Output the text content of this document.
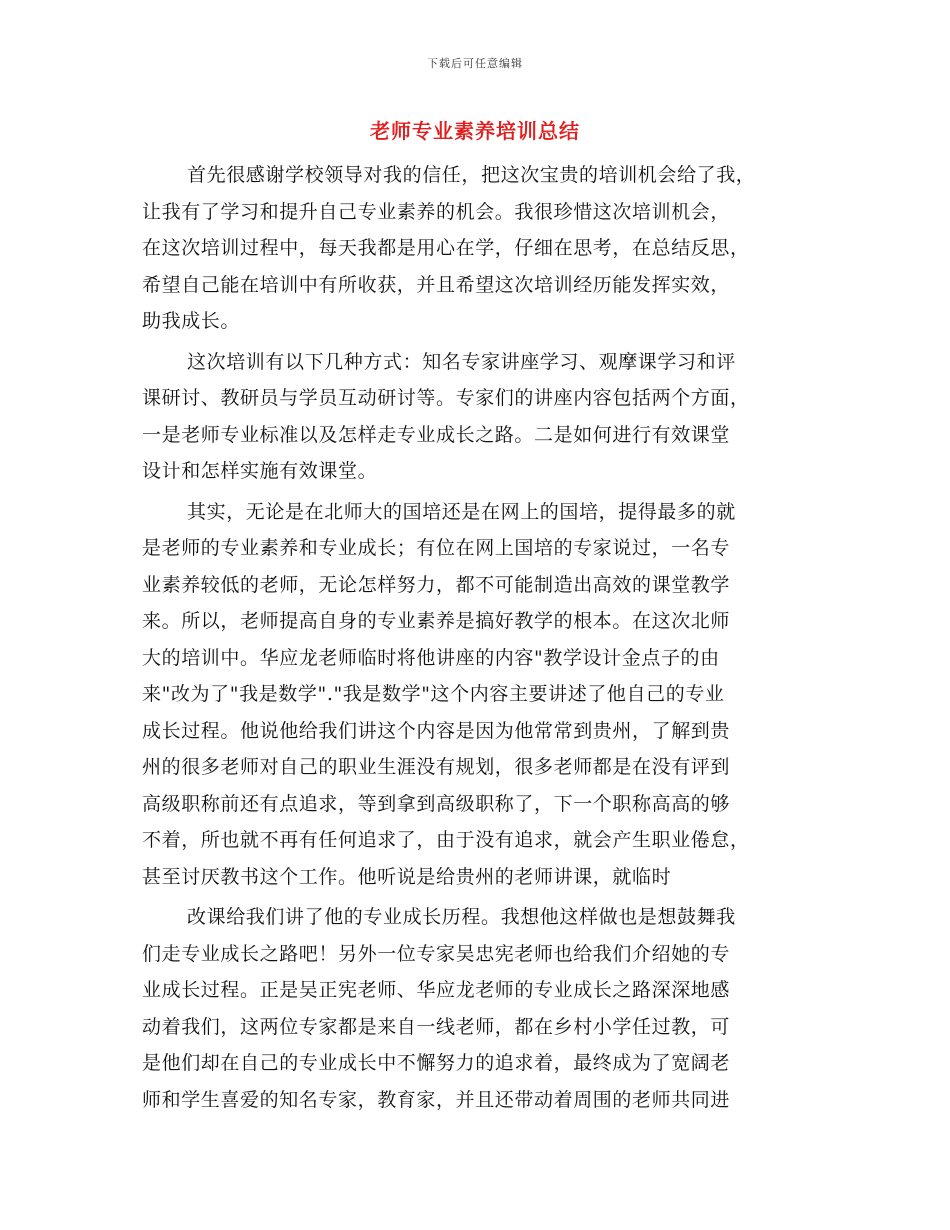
下载后可任意编辑
老师专业素养培训总结
首先很感谢学校领导对我的信任，把这次宝贵的培训机会给了我，
让我有了学习和提升自己专业素养的机会。我很珍惜这次培训机会，
在这次培训过程中，每天我都是用心在学，仔细在思考，在总结反思，
希望自己能在培训中有所收获，并且希望这次培训经历能发挥实效，
助我成长。
这次培训有以下几种方式：知名专家讲座学习、观摩课学习和评
课研讨、教研员与学员互动研讨等。专家们的讲座内容包括两个方面，
一是老师专业标准以及怎样走专业成长之路。二是如何进行有效课堂
设计和怎样实施有效课堂。
其实，无论是在北师大的国培还是在网上的国培，提得最多的就
是老师的专业素养和专业成长；有位在网上国培的专家说过，一名专
业素养较低的老师，无论怎样努力，都不可能制造出高效的课堂教学
来。所以，老师提高自身的专业素养是搞好教学的根本。在这次北师
大的培训中。华应龙老师临时将他讲座的内容"教学设计金点子的由
来"改为了"我是数学"."我是数学"这个内容主要讲述了他自己的专业
成长过程。他说他给我们讲这个内容是因为他常常到贵州，了解到贵
州的很多老师对自己的职业生涯没有规划，很多老师都是在没有评到
高级职称前还有点追求，等到拿到高级职称了，下一个职称高高的够
不着，所也就不再有任何追求了，由于没有追求，就会产生职业倦怠，
甚至讨厌教书这个工作。他听说是给贵州的老师讲课，就临时
改课给我们讲了他的专业成长历程。我想他这样做也是想鼓舞我
们走专业成长之路吧！另外一位专家吴忠宪老师也给我们介绍她的专
业成长过程。正是吴正宪老师、华应龙老师的专业成长之路深深地感
动着我们，这两位专家都是来自一线老师，都在乡村小学任过教，可
是他们却在自己的专业成长中不懈努力的追求着，最终成为了宽阔老
师和学生喜爱的知名专家，教育家，并且还带动着周围的老师共同进
